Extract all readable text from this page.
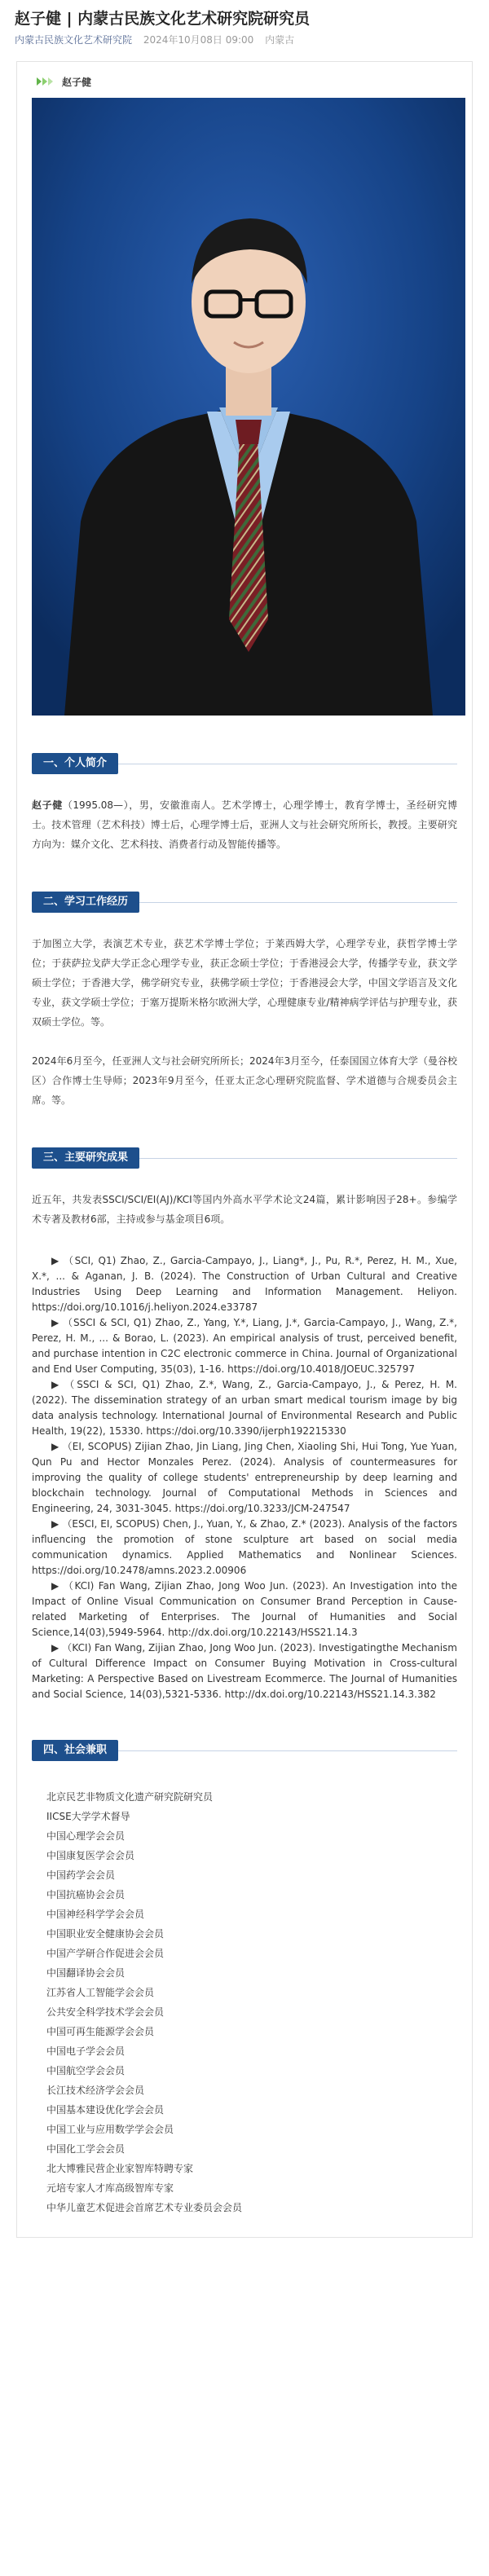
赵子健 | 内蒙古民族文化艺术研究院研究员
内蒙古民族文化艺术研究院 2024年10月08日 09:00 内蒙古
赵子健
一、个人简介

赵子健（1995.08—），男，安徽淮南人。艺术学博士，心理学博士，教育学博士，圣经研究博士。技术管理（艺术科技）博士后，心理学博士后，亚洲人文与社会研究所所长，教授。主要研究方向为：媒介文化、艺术科技、消费者行动及智能传播等。

二、学习工作经历

于加图立大学，表演艺术专业，获艺术学博士学位；于莱西姆大学，心理学专业，获哲学博士学位；于获萨拉戈萨大学正念心理学专业，获正念硕士学位；于香港浸会大学，传播学专业，获文学硕士学位；于香港大学，佛学研究专业，获佛学硕士学位；于香港浸会大学，中国文学语言及文化专业，获文学硕士学位；于塞万提斯米格尔欧洲大学，心理健康专业/精神病学评估与护理专业，获双硕士学位。等。

2024年6月至今，任亚洲人文与社会研究所所长；2024年3月至今，任泰国国立体育大学（曼谷校区）合作博士生导师；2023年9月至今，任亚太正念心理研究院监督、学术道德与合规委员会主席。等。

三、主要研究成果

近五年，共发表SSCI/SCI/EI(AJ)/KCI等国内外高水平学术论文24篇，累计影响因子28+。参编学术专著及教材6部，主持或参与基金项目6项。

▶ （SCI, Q1) Zhao, Z., Garcia-Campayo, J., Liang*, J., Pu, R.*, Perez, H. M., Xue, X.*, ... & Aganan, J. B. (2024). The Construction of Urban Cultural and Creative Industries Using Deep Learning and Information Management. Heliyon. https://doi.org/10.1016/j.heliyon.2024.e33787

▶ （SSCI & SCI, Q1) Zhao, Z., Yang, Y.*, Liang, J.*, Garcia-Campayo, J., Wang, Z.*, Perez, H. M., ... & Borao, L. (2023). An empirical analysis of trust, perceived benefit, and purchase intention in C2C electronic commerce in China. Journal of Organizational and End User Computing, 35(03), 1-16. https://doi.org/10.4018/JOEUC.325797

▶ （SSCI & SCI, Q1) Zhao, Z.*, Wang, Z., Garcia-Campayo, J., & Perez, H. M. (2022). The dissemination strategy of an urban smart medical tourism image by big data analysis technology. International Journal of Environmental Research and Public Health, 19(22), 15330. https://doi.org/10.3390/ijerph192215330

▶ （EI, SCOPUS) Zijian Zhao, Jin Liang, Jing Chen, Xiaoling Shi, Hui Tong, Yue Yuan, Qun Pu and Hector Monzales Perez. (2024). Analysis of countermeasures for improving the quality of college students' entrepreneurship by deep learning and blockchain technology. Journal of Computational Methods in Sciences and Engineering, 24, 3031-3045. https://doi.org/10.3233/JCM-247547

▶ （ESCI, EI, SCOPUS) Chen, J., Yuan, Y., & Zhao, Z.* (2023). Analysis of the factors influencing the promotion of stone sculpture art based on social media communication dynamics. Applied Mathematics and Nonlinear Sciences. https://doi.org/10.2478/amns.2023.2.00906

▶ （KCI) Fan Wang, Zijian Zhao, Jong Woo Jun. (2023). An Investigation into the Impact of Online Visual Communication on Consumer Brand Perception in Cause-related Marketing of Enterprises. The Journal of Humanities and Social Science,14(03),5949-5964. http://dx.doi.org/10.22143/HSS21.14.3

▶ （KCI) Fan Wang, Zijian Zhao, Jong Woo Jun. (2023). Investigatingthe Mechanism of Cultural Difference Impact on Consumer Buying Motivation in Cross-cultural Marketing: A Perspective Based on Livestream Ecommerce. The Journal of Humanities and Social Science, 14(03),5321-5336. http://dx.doi.org/10.22143/HSS21.14.3.382

四、社会兼职
北京民艺非物质文化遗产研究院研究员
IICSE大学学术督导
中国心理学会会员
中国康复医学会会员
中国药学会会员
中国抗癌协会会员
中国神经科学学会会员
中国职业安全健康协会会员
中国产学研合作促进会会员
中国翻译协会会员
江苏省人工智能学会会员
公共安全科学技术学会会员
中国可再生能源学会会员
中国电子学会会员
中国航空学会会员
长江技术经济学会会员
中国基本建设优化学会会员
中国工业与应用数学学会会员
中国化工学会会员
北大博雅民营企业家智库特聘专家
元培专家人才库高级智库专家
中华儿童艺术促进会首席艺术专业委员会会员
